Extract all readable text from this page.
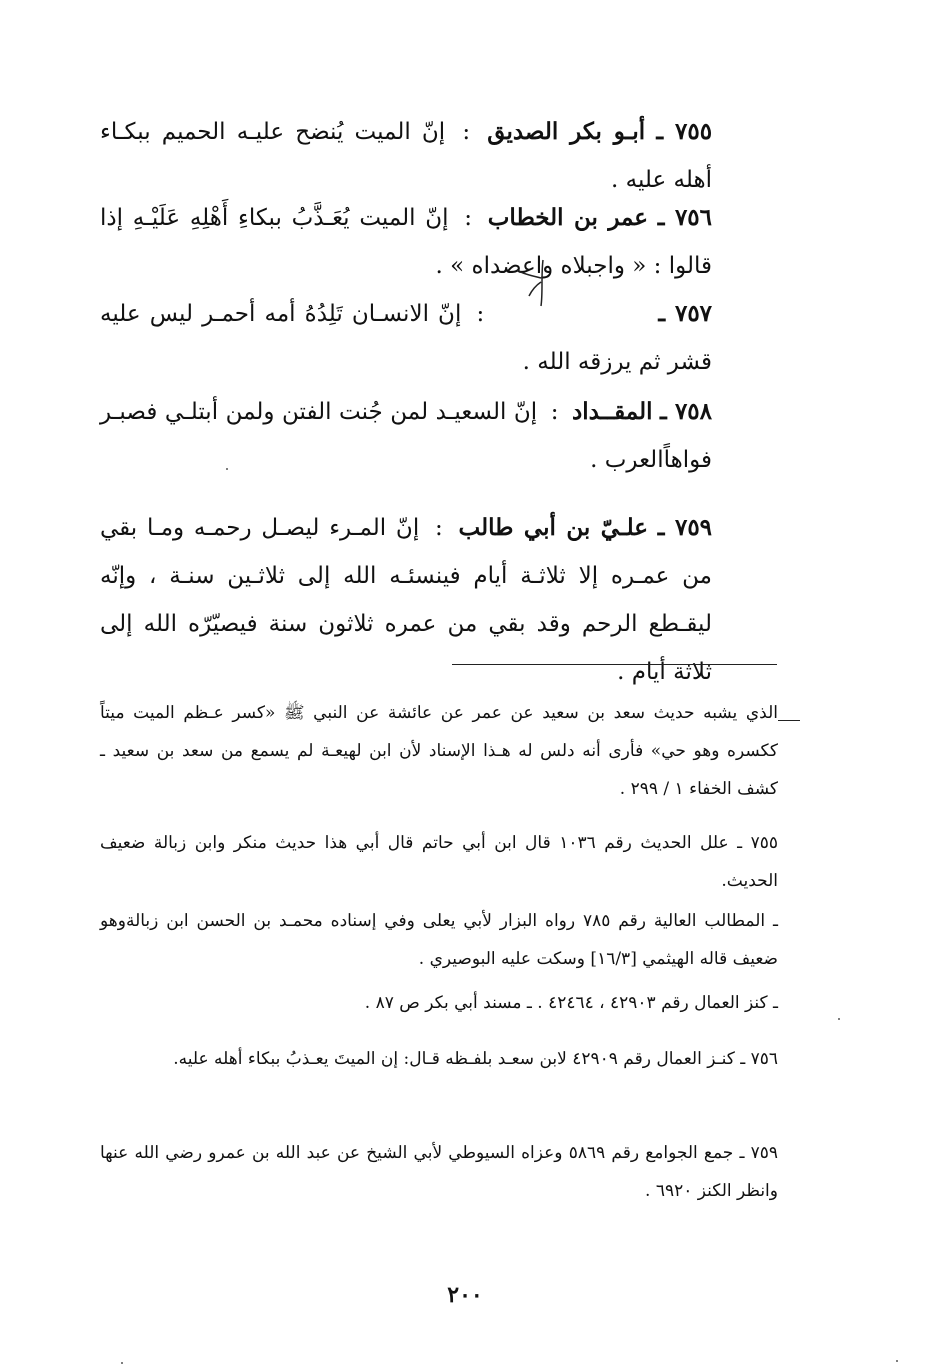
٧٥٥ ـ أبـو بكر الصديق : إنّ الميت يُنضح عليـه الحميم ببكـاء أهله عليه .
٧٥٦ ـ عمر بن الخطاب : إنّ الميت يُعَـذَّبُ ببكاءِ أَهْلِهِ عَلَيْـهِ إذا قالوا : « واجبلاه واعضداه » .
٧٥٧ ـ  : إنّ الانسـان تَلِدُهُ أمه أحمـر ليس عليه قشر ثم يرزقه الله .
٧٥٨ ـ المقــداد : إنّ السعيـد لمن جُنت الفتن ولمن أبتلـي فصبـر فواهاًالعرب .
٧٥٩ ـ علـيّ بن أبي طالب : إنّ المـرء ليصـل رحمـه ومـا بقي من عمـره إلا ثلاثـة أيام فينسئـه الله إلى ثلاثـين سنـة ، وإنّه ليقـطع الرحم وقد بقي من عمره ثلاثون سنة فيصيّرّه الله إلى ثلاثة أيام .
الذي يشبه حديث سعد بن سعيد عن عمر عن عائشة عن النبي ﷺ «كسر عـظم الميت ميتاً ككسره وهو حي» فأرى أنه دلس له هـذا الإسناد لأن ابن لهيعـة لم يسمع من سعد بن سعيد ـ كشف الخفاء ١ / ٢٩٩ .
٧٥٥ ـ علل الحديث رقم ١٠٣٦ قال ابن أبي حاتم قال أبي هذا حديث منكر وابن زبالة ضعيف الحديث.
ـ المطالب العالية رقم ٧٨٥ رواه البزار لأبي يعلى وفي إسناده محمـد بن الحسن ابن زبالةوهو ضعيف قاله الهيثمي [١٦/٣] وسكت عليه البوصيري .
ـ كنز العمال رقم ٤٢٩٠٣ ، ٤٢٤٦٤ . ـ مسند أبي بكر ص ٨٧ .
٧٥٦ ـ كنـز العمال رقم ٤٢٩٠٩ لابن سعـد بلفـظه قـال: إن الميتَ يعـذبُ ببكاء أهله عليه.
٧٥٩ ـ جمع الجوامع رقم ٥٨٦٩ وعزاه السيوطي لأبي الشيخ عن عبد الله بن عمرو رضي الله عنها وانظر الكنز ٦٩٢٠ .
٢٠٠
